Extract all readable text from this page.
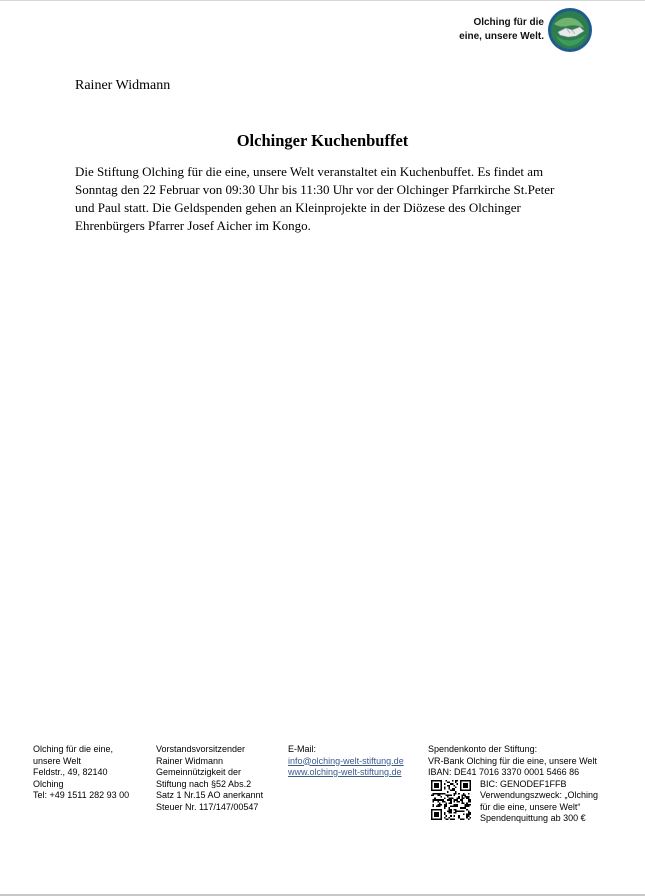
Olching für die
eine, unsere Welt.
Rainer Widmann
Olchinger Kuchenbuffet
Die Stiftung Olching für die eine, unsere Welt veranstaltet ein Kuchenbuffet. Es findet am
Sonntag den 22 Februar von 09:30 Uhr bis 11:30 Uhr vor der Olchinger Pfarrkirche St.Peter
und Paul statt. Die Geldspenden gehen an Kleinprojekte in der Diözese des Olchinger
Ehrenbürgers Pfarrer Josef Aicher im Kongo.
Olching für die eine,
unsere Welt
Feldstr., 49, 82140
Olching
Tel: +49 1511 282 93 00
Vorstandsvorsitzender
Rainer Widmann
Gemeinnützigkeit der
Stiftung nach §52 Abs.2
Satz 1 Nr.15 AO anerkannt
Steuer Nr. 117/147/00547
E-Mail:
info@olching-welt-stiftung.de
www.olching-welt-stiftung.de
Spendenkonto der Stiftung:
VR-Bank Olching für die eine, unsere Welt
IBAN: DE41 7016 3370 0001 5466 86
BIC: GENODEF1FFB
Verwendungszweck: „Olching
für die eine, unsere Welt“
Spendenquittung ab 300 €
